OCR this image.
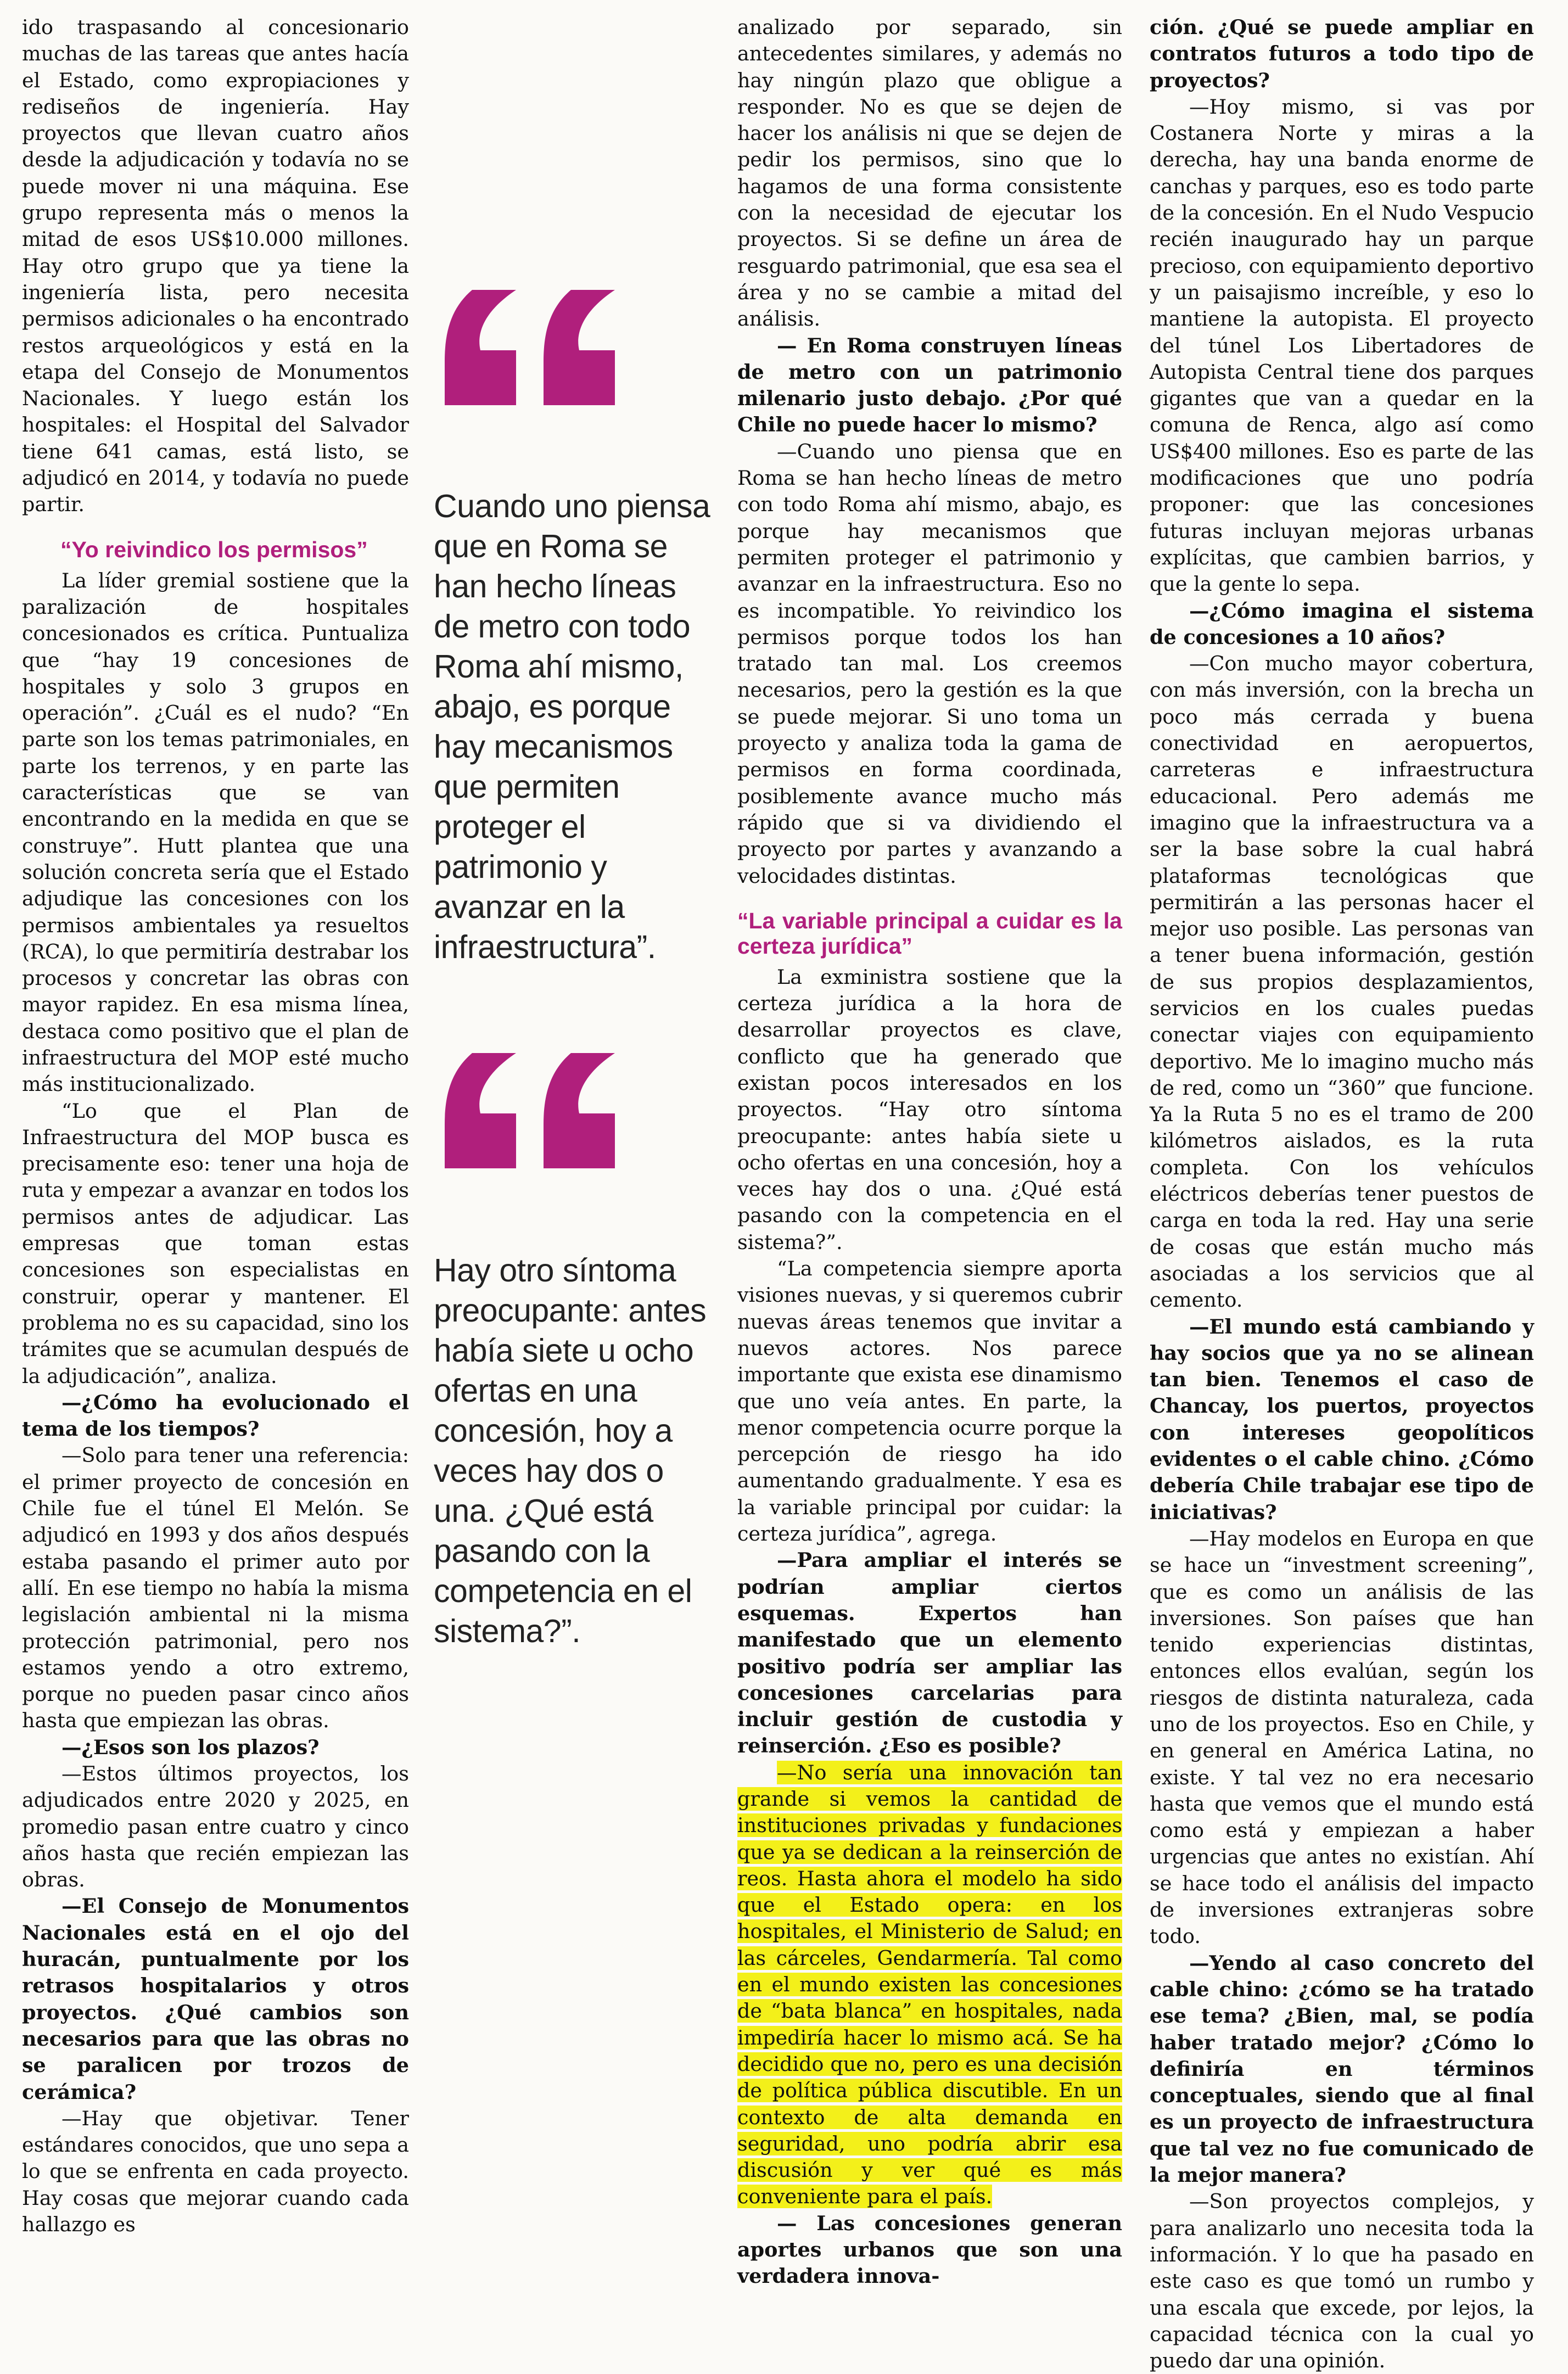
ido traspasando al concesionario muchas de las tareas que antes hacía el Estado, como expropiaciones y rediseños de ingeniería. Hay proyectos que llevan cuatro años desde la adjudicación y todavía no se puede mover ni una máquina. Ese grupo representa más o menos la mitad de esos US$10.000 millones. Hay otro grupo que ya tiene la ingeniería lista, pero necesita permisos adicionales o ha encontrado restos arqueológicos y está en la etapa del Consejo de Monumentos Nacionales. Y luego están los hospitales: el Hospital del Salvador tiene 641 camas, está listo, se adjudicó en 2014, y todavía no puede partir.

“Yo reivindico los permisos”

La líder gremial sostiene que la paralización de hospitales concesionados es crítica. Puntualiza que “hay 19 concesiones de hospitales y solo 3 grupos en operación”. ¿Cuál es el nudo? “En parte son los temas patrimoniales, en parte los terrenos, y en parte las características que se van encontrando en la medida en que se construye”. Hutt plantea que una solución concreta sería que el Estado adjudique las concesiones con los permisos ambientales ya resueltos (RCA), lo que permitiría destrabar los procesos y concretar las obras con mayor rapidez. En esa misma línea, destaca como positivo que el plan de infraestructura del MOP esté mucho más institucionalizado.

“Lo que el Plan de Infraestructura del MOP busca es precisamente eso: tener una hoja de ruta y empezar a avanzar en todos los permisos antes de adjudicar. Las empresas que toman estas concesiones son especialistas en construir, operar y mantener. El problema no es su capacidad, sino los trámites que se acumulan después de la adjudicación”, analiza.

—¿Cómo ha evolucionado el tema de los tiempos?

—Solo para tener una referencia: el primer proyecto de concesión en Chile fue el túnel El Melón. Se adjudicó en 1993 y dos años después estaba pasando el primer auto por allí. En ese tiempo no había la misma legislación ambiental ni la misma protección patrimonial, pero nos estamos yendo a otro extremo, porque no pueden pasar cinco años hasta que empiezan las obras.

—¿Esos son los plazos?

—Estos últimos proyectos, los adjudicados entre 2020 y 2025, en promedio pasan entre cuatro y cinco años hasta que recién empiezan las obras.

—El Consejo de Monumentos Nacionales está en el ojo del huracán, puntualmente por los retrasos hospitalarios y otros proyectos. ¿Qué cambios son necesarios para que las obras no se paralicen por trozos de cerámica?

—Hay que objetivar. Tener estándares conocidos, que uno sepa a lo que se enfrenta en cada proyecto. Hay cosas que mejorar cuando cada hallazgo es

Cuando uno piensa que en Roma se han hecho líneas de metro con todo Roma ahí mismo, abajo, es porque hay mecanismos que permiten proteger el patrimonio y avanzar en la infraestructura”.
Hay otro síntoma preocupante: antes había siete u ocho ofertas en una concesión, hoy a veces hay dos o una. ¿Qué está pasando con la competencia en el sistema?”.

analizado por separado, sin antecedentes similares, y además no hay ningún plazo que obligue a responder. No es que se dejen de hacer los análisis ni que se dejen de pedir los permisos, sino que lo hagamos de una forma consistente con la necesidad de ejecutar los proyectos. Si se define un área de resguardo patrimonial, que esa sea el área y no se cambie a mitad del análisis.

— En Roma construyen líneas de metro con un patrimonio milenario justo debajo. ¿Por qué Chile no puede hacer lo mismo?

—Cuando uno piensa que en Roma se han hecho líneas de metro con todo Roma ahí mismo, abajo, es porque hay mecanismos que permiten proteger el patrimonio y avanzar en la infraestructura. Eso no es incompatible. Yo reivindico los permisos porque todos los han tratado tan mal. Los creemos necesarios, pero la gestión es la que se puede mejorar. Si uno toma un proyecto y analiza toda la gama de permisos en forma coordinada, posiblemente avance mucho más rápido que si va dividiendo el proyecto por partes y avanzando a velocidades distintas.

“La variable principal a cuidar es la certeza jurídica”

La exministra sostiene que la certeza jurídica a la hora de desarrollar proyectos es clave, conflicto que ha generado que existan pocos interesados en los proyectos. “Hay otro síntoma preocupante: antes había siete u ocho ofertas en una concesión, hoy a veces hay dos o una. ¿Qué está pasando con la competencia en el sistema?”.

“La competencia siempre aporta visiones nuevas, y si queremos cubrir nuevas áreas tenemos que invitar a nuevos actores. Nos parece importante que exista ese dinamismo que uno veía antes. En parte, la menor competencia ocurre porque la percepción de riesgo ha ido aumentando gradualmente. Y esa es la variable principal por cuidar: la certeza jurídica”, agrega.

—Para ampliar el interés se podrían ampliar ciertos esquemas. Expertos han manifestado que un elemento positivo podría ser ampliar las concesiones carcelarias para incluir gestión de custodia y reinserción. ¿Eso es posible?

—No sería una innovación tan grande si vemos la cantidad de instituciones privadas y fundaciones que ya se dedican a la reinserción de reos. Hasta ahora el modelo ha sido que el Estado opera: en los hospitales, el Ministerio de Salud; en las cárceles, Gendarmería. Tal como en el mundo existen las concesiones de “bata blanca” en hospitales, nada impediría hacer lo mismo acá. Se ha decidido que no, pero es una decisión de política pública discutible. En un contexto de alta demanda en seguridad, uno podría abrir esa discusión y ver qué es más conveniente para el país.

— Las concesiones generan aportes urbanos que son una verdadera innova-

ción. ¿Qué se puede ampliar en contratos futuros a todo tipo de proyectos?

—Hoy mismo, si vas por Costanera Norte y miras a la derecha, hay una banda enorme de canchas y parques, eso es todo parte de la concesión. En el Nudo Vespucio recién inaugurado hay un parque precioso, con equipamiento deportivo y un paisajismo increíble, y eso lo mantiene la autopista. El proyecto del túnel Los Libertadores de Autopista Central tiene dos parques gigantes que van a quedar en la comuna de Renca, algo así como US$400 millones. Eso es parte de las modificaciones que uno podría proponer: que las concesiones futuras incluyan mejoras urbanas explícitas, que cambien barrios, y que la gente lo sepa.

—¿Cómo imagina el sistema de concesiones a 10 años?

—Con mucho mayor cobertura, con más inversión, con la brecha un poco más cerrada y buena conectividad en aeropuertos, carreteras e infraestructura educacional. Pero además me imagino que la infraestructura va a ser la base sobre la cual habrá plataformas tecnológicas que permitirán a las personas hacer el mejor uso posible. Las personas van a tener buena información, gestión de sus propios desplazamientos, servicios en los cuales puedas conectar viajes con equipamiento deportivo. Me lo imagino mucho más de red, como un “360” que funcione. Ya la Ruta 5 no es el tramo de 200 kilómetros aislados, es la ruta completa. Con los vehículos eléctricos deberías tener puestos de carga en toda la red. Hay una serie de cosas que están mucho más asociadas a los servicios que al cemento.

—El mundo está cambiando y hay socios que ya no se alinean tan bien. Tenemos el caso de Chancay, los puertos, proyectos con intereses geopolíticos evidentes o el cable chino. ¿Cómo debería Chile trabajar ese tipo de iniciativas?

—Hay modelos en Europa en que se hace un “investment screening”, que es como un análisis de las inversiones. Son países que han tenido experiencias distintas, entonces ellos evalúan, según los riesgos de distinta naturaleza, cada uno de los proyectos. Eso en Chile, y en general en América Latina, no existe. Y tal vez no era necesario hasta que vemos que el mundo está como está y empiezan a haber urgencias que antes no existían. Ahí se hace todo el análisis del impacto de inversiones extranjeras sobre todo.

—Yendo al caso concreto del cable chino: ¿cómo se ha tratado ese tema? ¿Bien, mal, se podía haber tratado mejor? ¿Cómo lo definiría en términos conceptuales, siendo que al final es un proyecto de infraestructura que tal vez no fue comunicado de la mejor manera?

—Son proyectos complejos, y para analizarlo uno necesita toda la información. Y lo que ha pasado en este caso es que tomó un rumbo y una escala que excede, por lejos, la capacidad técnica con la cual yo puedo dar una opinión.
